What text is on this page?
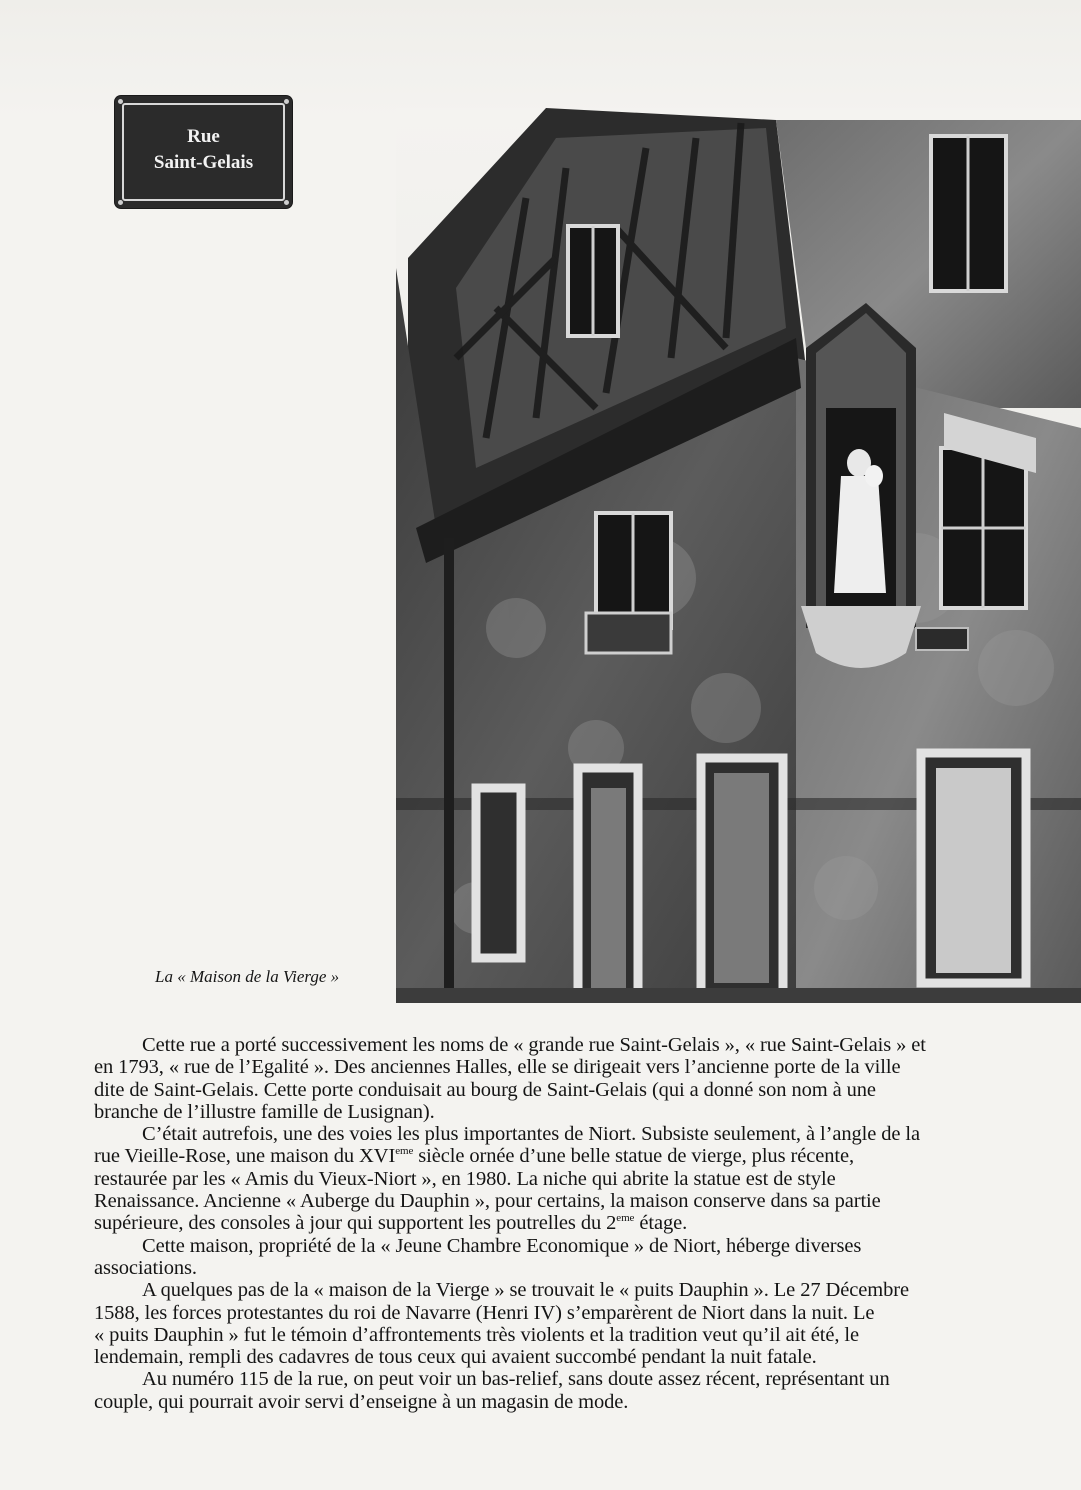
Rue
Saint-Gelais
La « Maison de la Vierge »
Cette rue a porté successivement les noms de « grande rue Saint-Gelais », « rue Saint-Gelais » et
en 1793, « rue de l’Egalité ». Des anciennes Halles, elle se dirigeait vers l’ancienne porte de la ville
dite de Saint-Gelais. Cette porte conduisait au bourg de Saint-Gelais (qui a donné son nom à une
branche de l’illustre famille de Lusignan).
C’était autrefois, une des voies les plus importantes de Niort. Subsiste seulement, à l’angle de la
rue Vieille-Rose, une maison du XVIeme siècle ornée d’une belle statue de vierge, plus récente,
restaurée par les « Amis du Vieux-Niort », en 1980. La niche qui abrite la statue est de style
Renaissance. Ancienne « Auberge du Dauphin », pour certains, la maison conserve dans sa partie
supérieure, des consoles à jour qui supportent les poutrelles du 2eme étage.
Cette maison, propriété de la « Jeune Chambre Economique » de Niort, héberge diverses
associations.
A quelques pas de la « maison de la Vierge » se trouvait le « puits Dauphin ». Le 27 Décembre
1588, les forces protestantes du roi de Navarre (Henri IV) s’emparèrent de Niort dans la nuit. Le
« puits Dauphin » fut le témoin d’affrontements très violents et la tradition veut qu’il ait été, le
lendemain, rempli des cadavres de tous ceux qui avaient succombé pendant la nuit fatale.
Au numéro 115 de la rue, on peut voir un bas-relief, sans doute assez récent, représentant un
couple, qui pourrait avoir servi d’enseigne à un magasin de mode.
